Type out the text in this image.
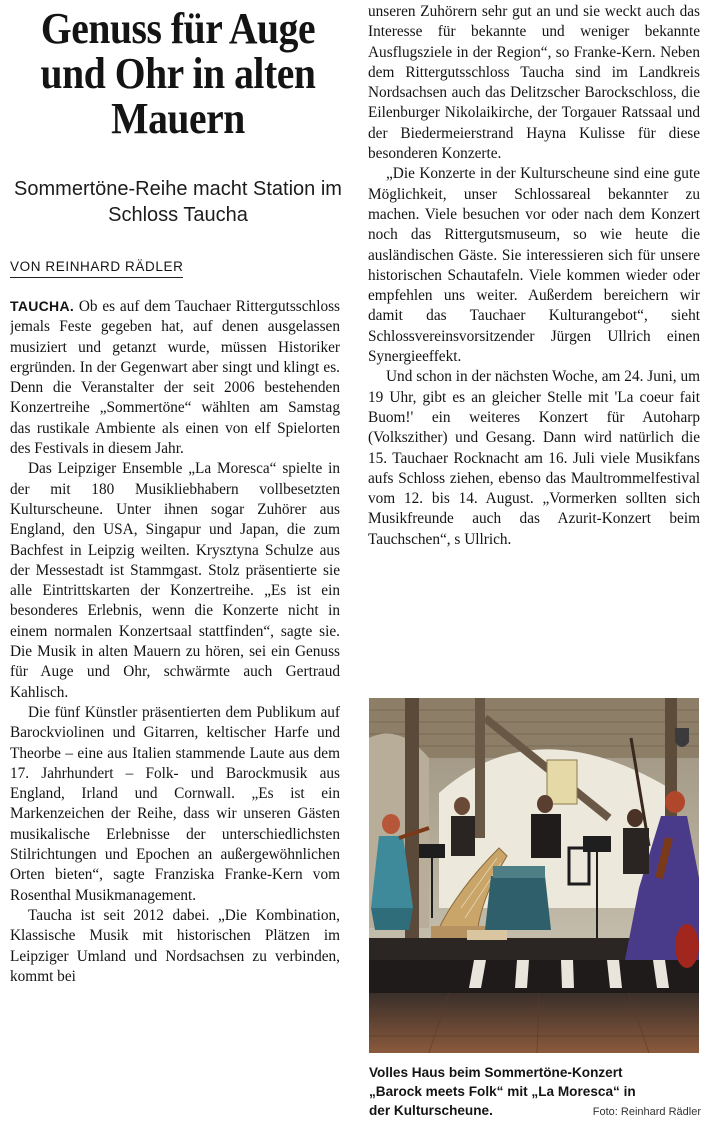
Genuss für Auge und Ohr in alten Mauern
Sommertöne-Reihe macht Station im Schloss Taucha
VON REINHARD RÄDLER

TAUCHA. Ob es auf dem Tauchaer Rittergutsschloss jemals Feste gegeben hat, auf denen ausgelassen musiziert und getanzt wurde, müssen Historiker ergründen. In der Gegenwart aber singt und klingt es. Denn die Veranstalter der seit 2006 bestehenden Konzertreihe „Sommertöne“ wählten am Samstag das rustikale Ambiente als einen von elf Spielorten des Festivals in diesem Jahr.

Das Leipziger Ensemble „La Moresca“ spielte in der mit 180 Musikliebhabern vollbesetzten Kulturscheune. Unter ihnen sogar Zuhörer aus England, den USA, Singapur und Japan, die zum Bachfest in Leipzig weilten. Krysztyna Schulze aus der Messestadt ist Stammgast. Stolz präsentierte sie alle Eintrittskarten der Konzertreihe. „Es ist ein besonderes Erlebnis, wenn die Konzerte nicht in einem normalen Konzertsaal stattfinden“, sagte sie. Die Musik in alten Mauern zu hören, sei ein Genuss für Auge und Ohr, schwärmte auch Gertraud Kahlisch.

Die fünf Künstler präsentierten dem Publikum auf Barockviolinen und Gitarren, keltischer Harfe und Theorbe – eine aus Italien stammende Laute aus dem 17. Jahrhundert – Folk- und Barockmusik aus England, Irland und Cornwall. „Es ist ein Markenzeichen der Reihe, dass wir unseren Gästen musikalische Erlebnisse der unterschiedlichsten Stilrichtungen und Epochen an außergewöhnlichen Orten bieten“, sagte Franziska Franke-Kern vom Rosenthal Musikmanagement.

Taucha ist seit 2012 dabei. „Die Kombination, Klassische Musik mit historischen Plätzen im Leipziger Umland und Nordsachsen zu verbinden, kommt bei

unseren Zuhörern sehr gut an und sie weckt auch das Interesse für bekannte und weniger bekannte Ausflugsziele in der Region“, so Franke-Kern. Neben dem Rittergutsschloss Taucha sind im Landkreis Nordsachsen auch das Delitzscher Barockschloss, die Eilenburger Nikolaikirche, der Torgauer Ratssaal und der Biedermeierstrand Hayna Kulisse für diese besonderen Konzerte.

„Die Konzerte in der Kulturscheune sind eine gute Möglichkeit, unser Schlossareal bekannter zu machen. Viele besuchen vor oder nach dem Konzert noch das Rittergutsmuseum, so wie heute die ausländischen Gäste. Sie interessieren sich für unsere historischen Schautafeln. Viele kommen wieder oder empfehlen uns weiter. Außerdem bereichern wir damit das Tauchaer Kulturangebot“, sieht Schlossvereinsvorsitzender Jürgen Ullrich einen Synergieeffekt.

Und schon in der nächsten Woche, am 24. Juni, um 19 Uhr, gibt es an gleicher Stelle mit 'La coeur fait Buom!' ein weiteres Konzert für Autoharp (Volkszither) und Gesang. Dann wird natürlich die 15. Tauchaer Rocknacht am 16. Juli viele Musikfans aufs Schloss ziehen, ebenso das Maultrommelfestival vom 12. bis 14. August. „Vormerken sollten sich Musikfreunde auch das Azurit-Konzert beim Tauchschen“, s Ullrich.

Volles Haus beim Sommertöne-Konzert
„Barock meets Folk“ mit „La Moresca“ in
der Kulturscheune.	Foto: Reinhard Rädler
